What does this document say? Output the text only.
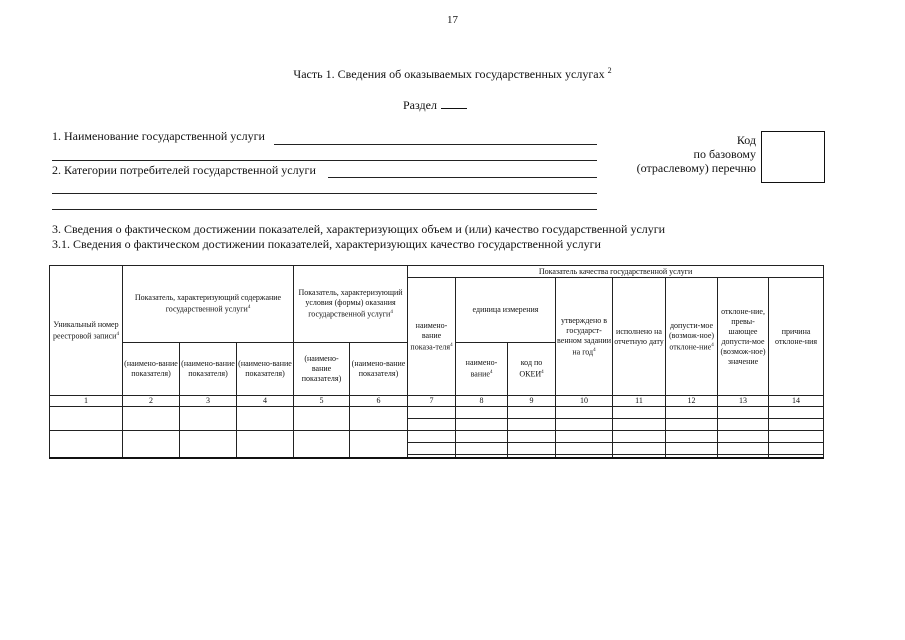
17
Часть 1. Сведения об оказываемых государственных услугах $^2$
Раздел
1. Наименование государственной услуги
2. Категории потребителей государственной услуги
Код
по базовому
(отраслевому) перечню
3. Сведения о фактическом достижении показателей, характеризующих объем и (или) качество государственной услуги
3.1. Сведения о фактическом достижении показателей, характеризующих качество государственной услуги
Уникальный номер реестровой записи$^4$	Показатель, характеризующий содержание государственной услуги$^4$			Показатель, характеризующий условия (формы) оказания государственной услуги$^4$		Показатель качества государственной услуги							
						наимено-вание показа-теля$^4$	единица измерения		утверждено в государст-венном задании на год$^4$	исполнено на отчетную дату	допусти-мое (возмож-ное) отклоне-ние$^4$	отклоне-ние, превы-шающее допусти-мое (возмож-ное) значение	причина отклоне-ния
	(наимено-вание показателя)	(наимено-вание показателя)	(наимено-вание показателя)	(наимено-вание показателя)	(наимено-вание показателя)		наимено-вание$^4$	код по ОКЕИ$^4$
1	2	3	4	5	6	7	8	9	10	11	12	13	14
